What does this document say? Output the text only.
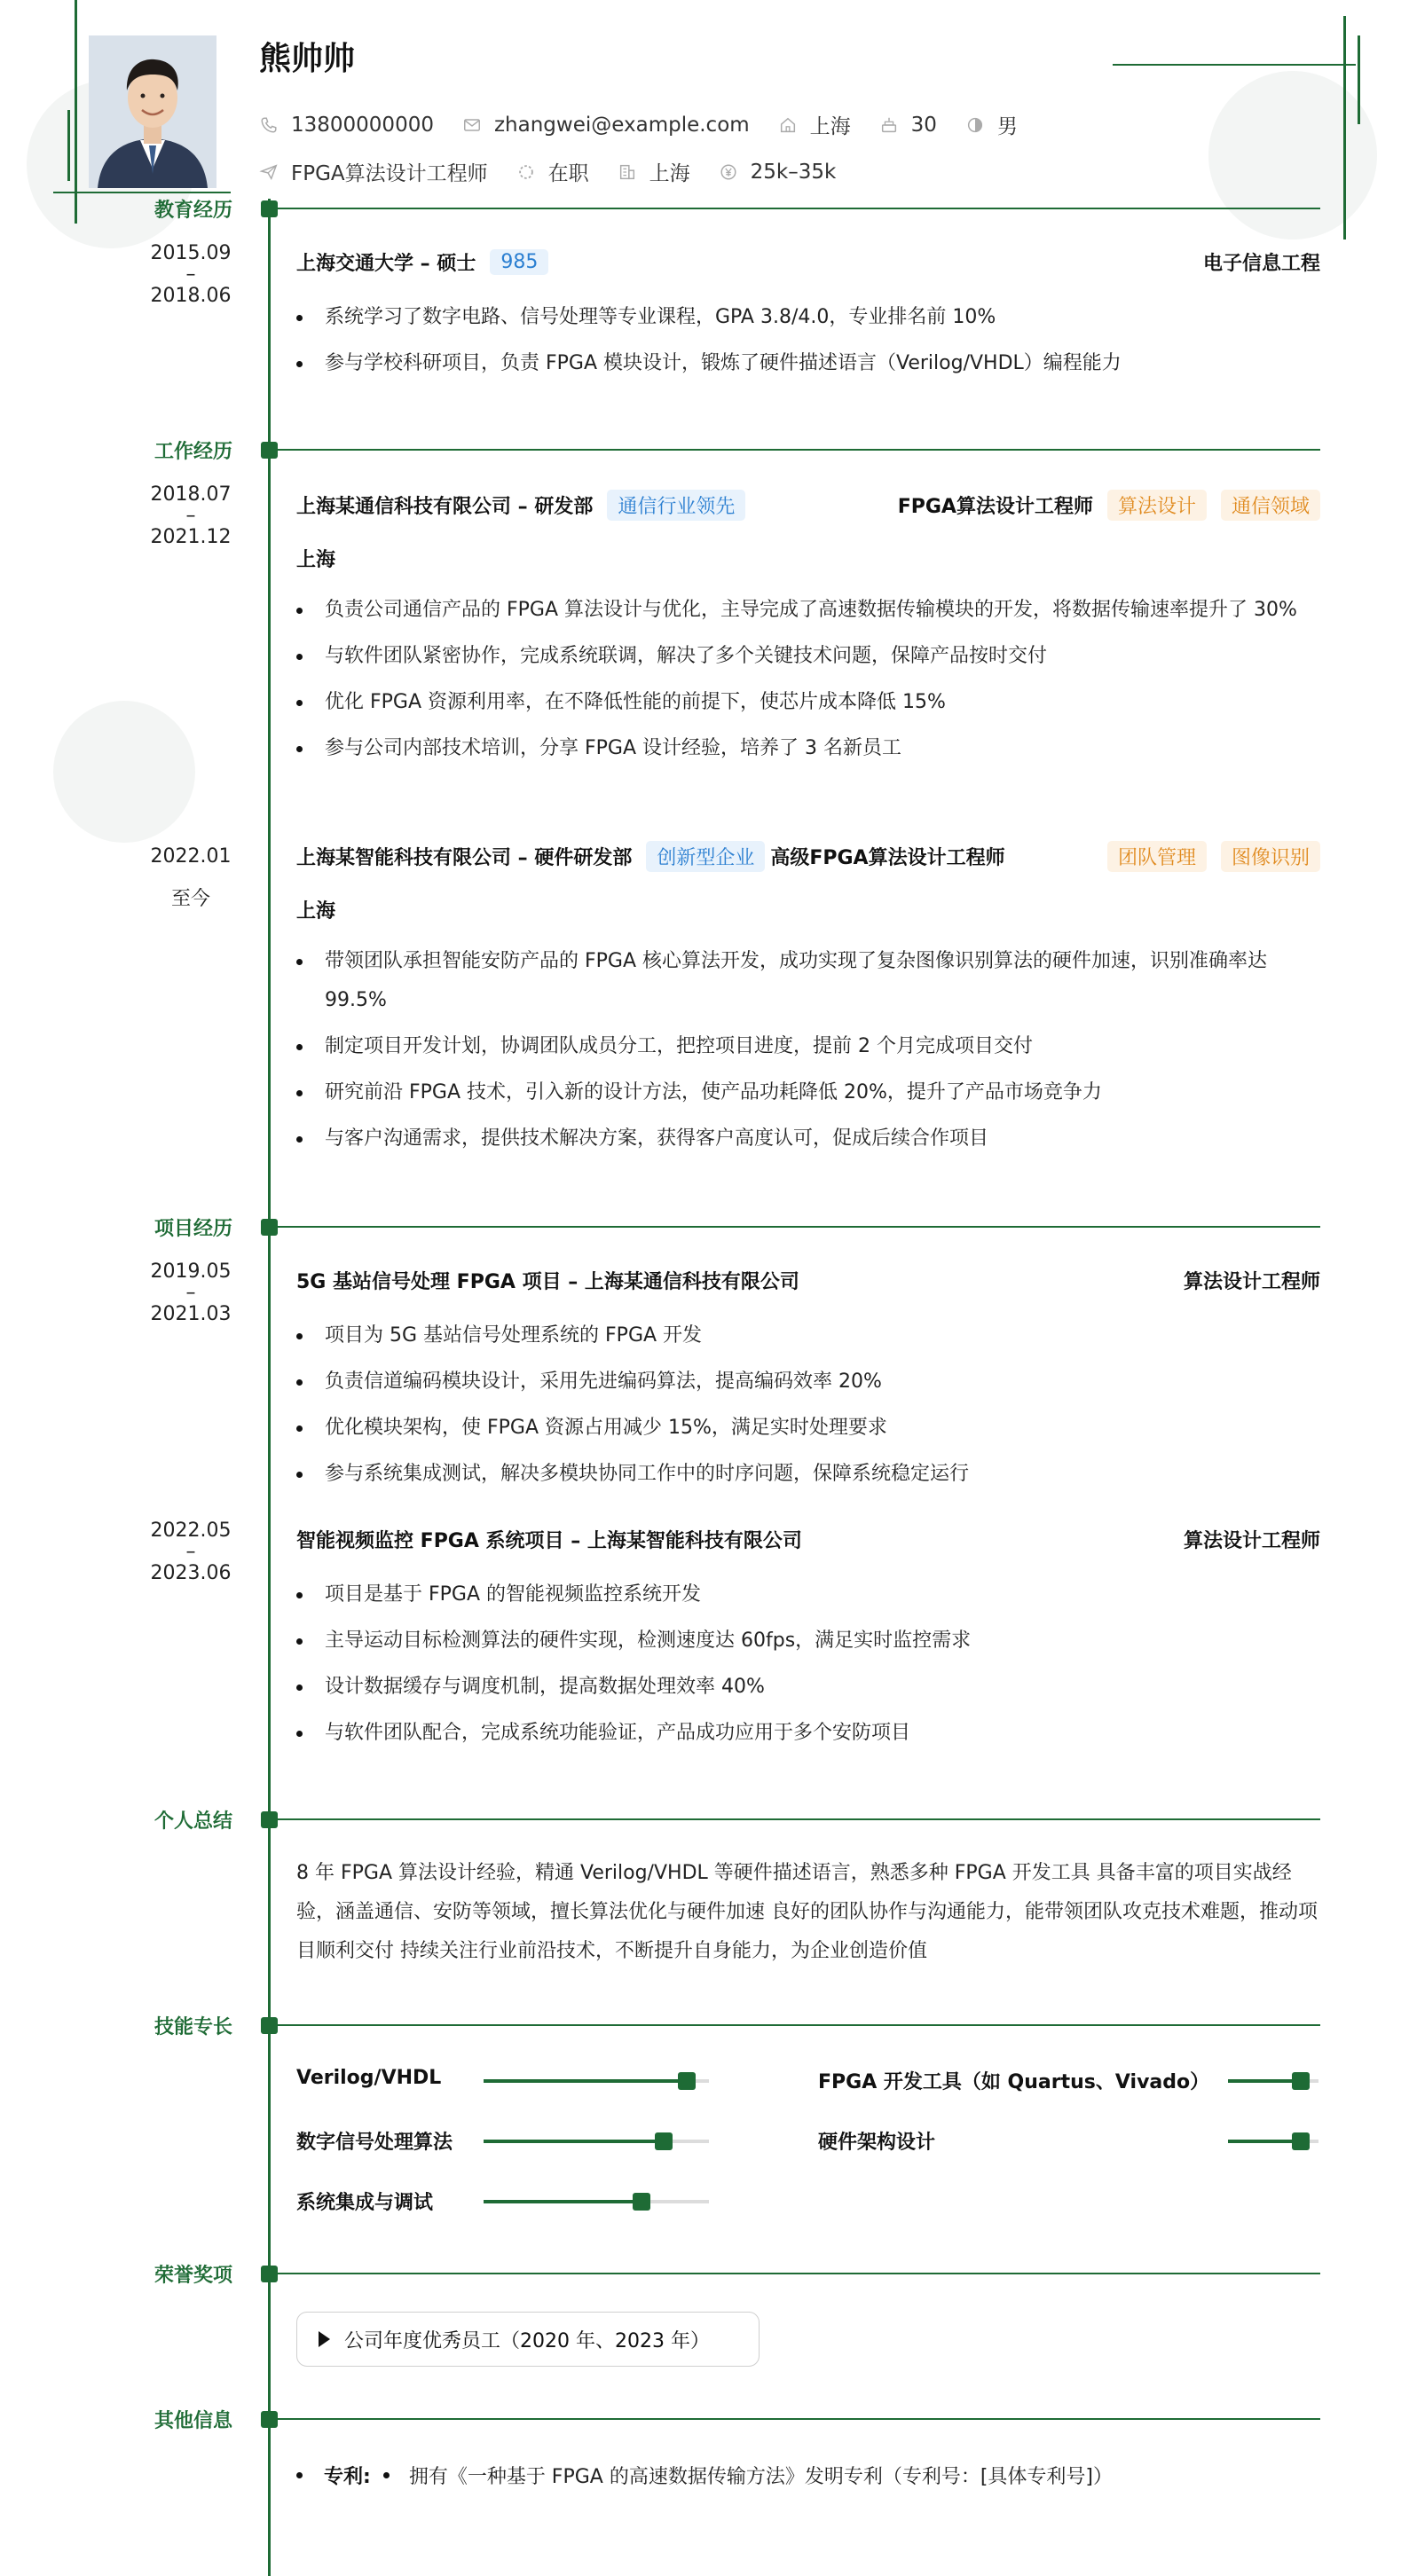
熊帅帅
13800000000	zhangwei@example.com	上海	30	男
FPGA算法设计工程师	在职	上海	25k–35k
教育经历
2015.09
–
2018.06
上海交通大学 – 硕士	985	电子信息工程
系统学习了数字电路、信号处理等专业课程，GPA 3.8/4.0，专业排名前 10%
参与学校科研项目，负责 FPGA 模块设计，锻炼了硬件描述语言（Verilog/VHDL）编程能力
工作经历
2018.07
–
2021.12
上海某通信科技有限公司 – 研发部	通信行业领先	FPGA算法设计工程师	算法设计	通信领域
上海
负责公司通信产品的 FPGA 算法设计与优化，主导完成了高速数据传输模块的开发，将数据传输速率提升了 30%
与软件团队紧密协作，完成系统联调，解决了多个关键技术问题，保障产品按时交付
优化 FPGA 资源利用率，在不降低性能的前提下，使芯片成本降低 15%
参与公司内部技术培训，分享 FPGA 设计经验，培养了 3 名新员工
2022.01
至今
上海某智能科技有限公司 – 硬件研发部	创新型企业 高级FPGA算法设计工程师	团队管理	图像识别
上海
带领团队承担智能安防产品的 FPGA 核心算法开发，成功实现了复杂图像识别算法的硬件加速，识别准确率达 99.5%
制定项目开发计划，协调团队成员分工，把控项目进度，提前 2 个月完成项目交付
研究前沿 FPGA 技术，引入新的设计方法，使产品功耗降低 20%，提升了产品市场竞争力
与客户沟通需求，提供技术解决方案，获得客户高度认可，促成后续合作项目
项目经历
2019.05
–
2021.03
5G 基站信号处理 FPGA 项目 – 上海某通信科技有限公司	算法设计工程师
项目为 5G 基站信号处理系统的 FPGA 开发
负责信道编码模块设计，采用先进编码算法，提高编码效率 20%
优化模块架构，使 FPGA 资源占用减少 15%，满足实时处理要求
参与系统集成测试，解决多模块协同工作中的时序问题，保障系统稳定运行
2022.05
–
2023.06
智能视频监控 FPGA 系统项目 – 上海某智能科技有限公司	算法设计工程师
项目是基于 FPGA 的智能视频监控系统开发
主导运动目标检测算法的硬件实现，检测速度达 60fps，满足实时监控需求
设计数据缓存与调度机制，提高数据处理效率 40%
与软件团队配合，完成系统功能验证，产品成功应用于多个安防项目
个人总结
8 年 FPGA 算法设计经验，精通 Verilog/VHDL 等硬件描述语言，熟悉多种 FPGA 开发工具 具备丰富的项目实战经验，涵盖通信、安防等领域，擅长算法优化与硬件加速 良好的团队协作与沟通能力，能带领团队攻克技术难题，推动项目顺利交付 持续关注行业前沿技术，不断提升自身能力，为企业创造价值
技能专长
Verilog/VHDL	FPGA 开发工具（如 Quartus、Vivado）
数字信号处理算法	硬件架构设计
系统集成与调试
荣誉奖项
公司年度优秀员工（2020 年、2023 年）
其他信息
专利: 拥有《一种基于 FPGA 的高速数据传输方法》发明专利（专利号：[具体专利号]）
